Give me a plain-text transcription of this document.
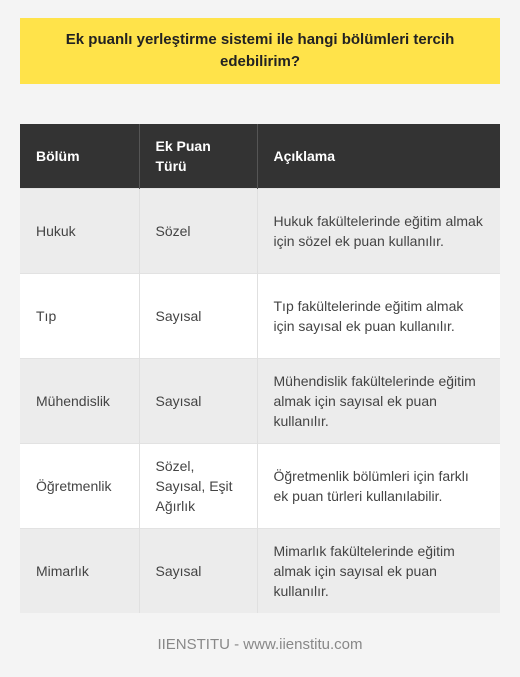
Ek puanlı yerleştirme sistemi ile hangi bölümleri tercih edebilirim?
Bölüm	Ek Puan Türü	Açıklama
Hukuk	Sözel	Hukuk fakültelerinde eğitim almak için sözel ek puan kullanılır.
Tıp	Sayısal	Tıp fakültelerinde eğitim almak için sayısal ek puan kullanılır.
Mühendislik	Sayısal	Mühendislik fakültelerinde eğitim almak için sayısal ek puan kullanılır.
Öğretmenlik	Sözel, Sayısal, Eşit Ağırlık	Öğretmenlik bölümleri için farklı ek puan türleri kullanılabilir.
Mimarlık	Sayısal	Mimarlık fakültelerinde eğitim almak için sayısal ek puan kullanılır.
IIENSTITU - www.iienstitu.com
